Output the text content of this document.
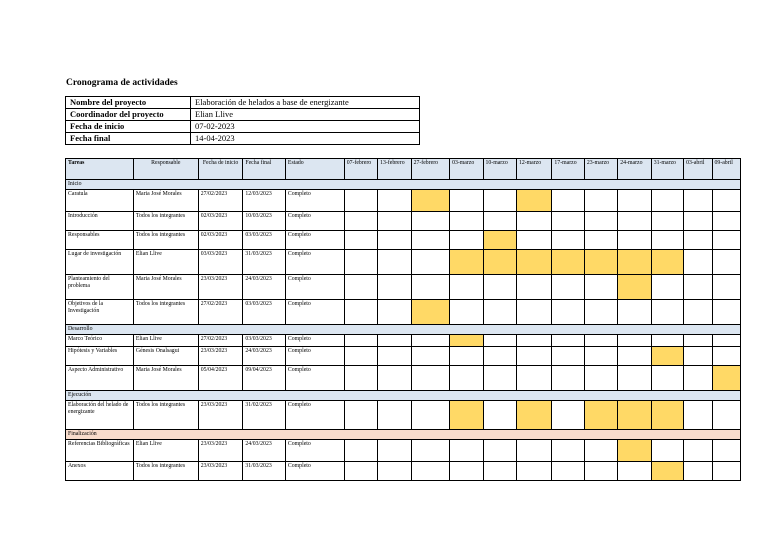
Cronograma de actividades
Nombre del proyecto	Elaboración de helados a base de energizante
Coordinador del proyecto	Elian Llive
Fecha de inicio	07-02-2023
Fecha final	14-04-2023
Tareas	Responsable	Fecha de inicio	Fecha final	Estado	07-febrero	13-febrero	27-febrero	03-marzo	10-marzo	12-marzo	17-marzo	23-marzo	24-marzo	31-marzo	03-abril	09-abril
Inicio																
Caratula	Maria José Morales	27/02/2023	12/03/2023	Completo												
Introducción	Todos los integrantes	02/03/2023	10/03/2023	Completo												
Responsables	Todos los integrantes	02/03/2023	03/03/2023	Completo												
Lugar de investigación	Elian Llive	03/03/2023	31/03/2023	Completo												
Planteamiento del problema	Maria José Morales	23/03/2023	24/03/2023	Completo												
Objetivos de la Investigación	Todos los integrantes	27/02/2023	03/03/2023	Completo												
Desarrollo																
Marco Teórico	Elian Llive	27/02/2023	03/03/2023	Completo												
Hipótesis y Variables	Génesis Onalsagui	23/03/2023	24/03/2023	Completo												
Aspecto Administrativo	Maria José Morales	05/04/2023	09/04/2023	Completo												
Ejecución																
Elaboración del helado de energizante	Todos los integrantes	23/03/2023	31/02/2023	Completo												
Finalización																
Referencias Bibliográficas	Elian Llive	23/03/2023	24/03/2023	Completo												
Anexos	Todos los integrantes	23/03/2023	31/03/2023	Completo												
